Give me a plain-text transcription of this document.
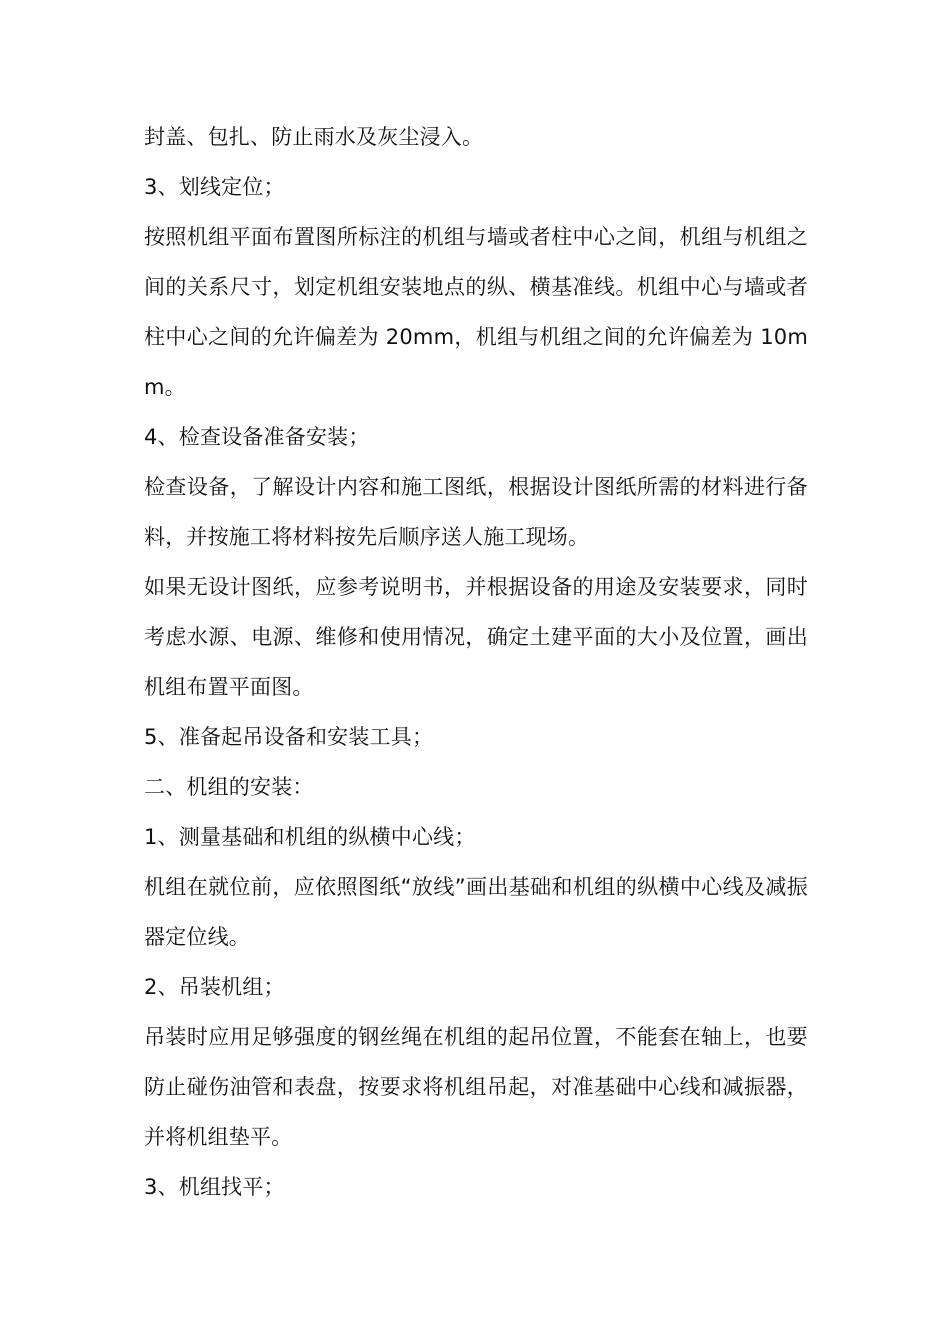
封盖、包扎、防止雨水及灰尘浸入。

3、划线定位；

按照机组平面布置图所标注的机组与墙或者柱中心之间，机组与机组之间的关系尺寸，划定机组安装地点的纵、横基准线。机组中心与墙或者柱中心之间的允许偏差为 20mm，机组与机组之间的允许偏差为 10mm。

4、检查设备准备安装；

检查设备，了解设计内容和施工图纸，根据设计图纸所需的材料进行备料，并按施工将材料按先后顺序送人施工现场。

如果无设计图纸，应参考说明书，并根据设备的用途及安装要求，同时考虑水源、电源、维修和使用情况，确定土建平面的大小及位置，画出机组布置平面图。

5、准备起吊设备和安装工具；

二、机组的安装：

1、测量基础和机组的纵横中心线；

机组在就位前，应依照图纸“放线”画出基础和机组的纵横中心线及减振器定位线。

2、吊装机组；

吊装时应用足够强度的钢丝绳在机组的起吊位置，不能套在轴上，也要防止碰伤油管和表盘，按要求将机组吊起，对准基础中心线和减振器，并将机组垫平。

3、机组找平；
